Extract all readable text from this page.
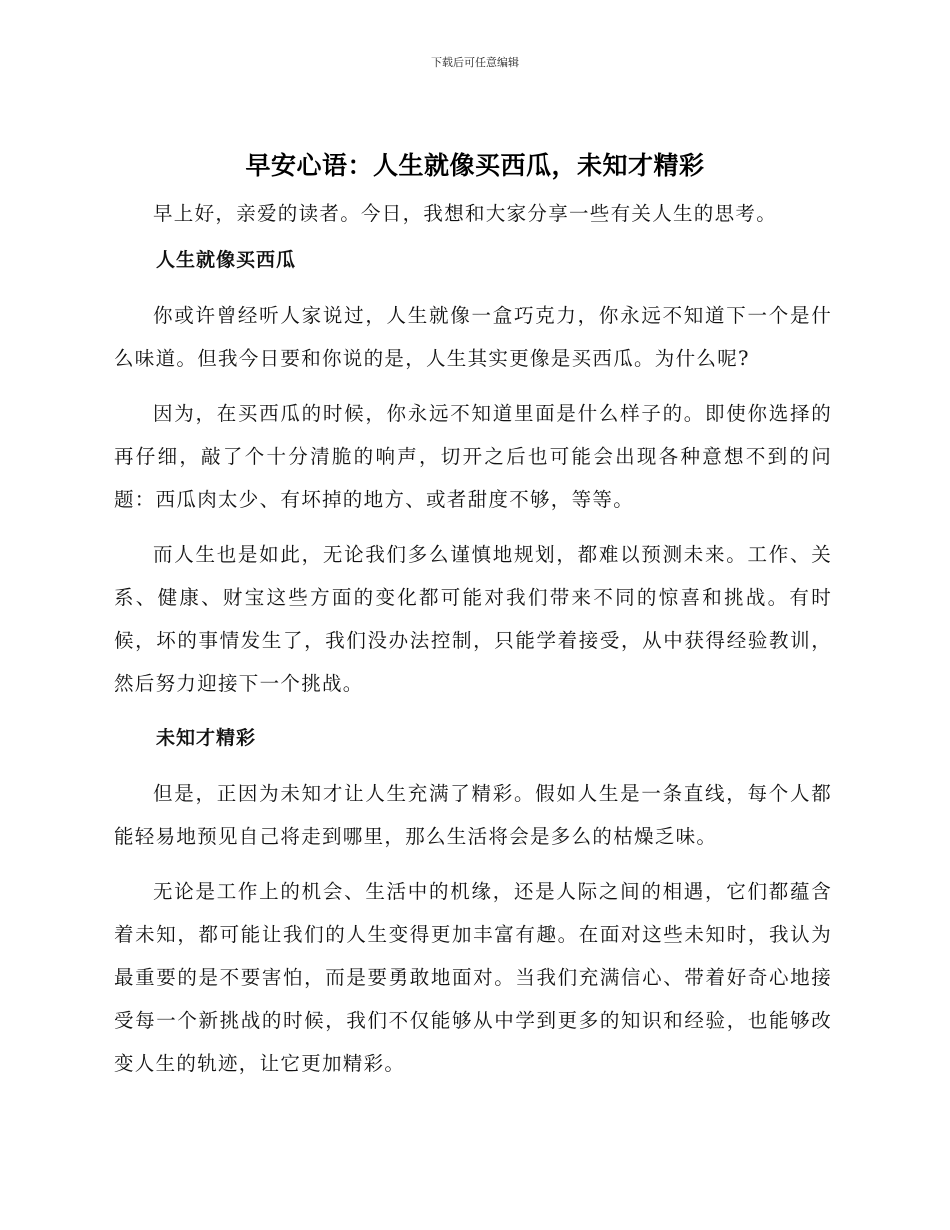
下载后可任意编辑
早安心语：人生就像买西瓜，未知才精彩

早上好，亲爱的读者。今日，我想和大家分享一些有关人生的思考。

人生就像买西瓜

你或许曾经听人家说过，人生就像一盒巧克力，你永远不知道下一个是什么味道。但我今日要和你说的是，人生其实更像是买西瓜。为什么呢?

因为，在买西瓜的时候，你永远不知道里面是什么样子的。即使你选择的再仔细，敲了个十分清脆的响声，切开之后也可能会出现各种意想不到的问题：西瓜肉太少、有坏掉的地方、或者甜度不够，等等。

而人生也是如此，无论我们多么谨慎地规划，都难以预测未来。工作、关系、健康、财宝这些方面的变化都可能对我们带来不同的惊喜和挑战。有时候，坏的事情发生了，我们没办法控制，只能学着接受，从中获得经验教训，然后努力迎接下一个挑战。

未知才精彩

但是，正因为未知才让人生充满了精彩。假如人生是一条直线，每个人都能轻易地预见自己将走到哪里，那么生活将会是多么的枯燥乏味。

无论是工作上的机会、生活中的机缘，还是人际之间的相遇，它们都蕴含着未知，都可能让我们的人生变得更加丰富有趣。在面对这些未知时，我认为最重要的是不要害怕，而是要勇敢地面对。当我们充满信心、带着好奇心地接受每一个新挑战的时候，我们不仅能够从中学到更多的知识和经验，也能够改变人生的轨迹，让它更加精彩。
